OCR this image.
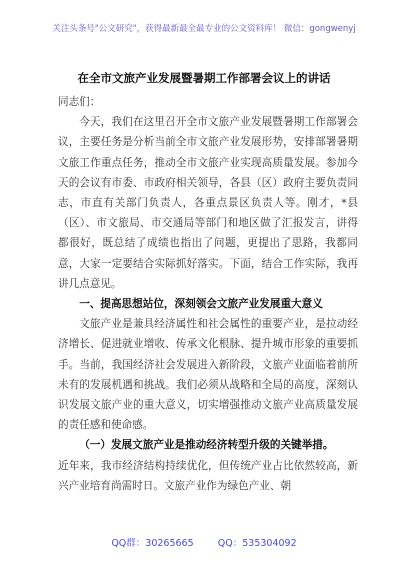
关注头条号"公文研究"，获得最新最全最专业的公文资料库！ 微信：gongwenyj
在全市文旅产业发展暨暑期工作部署会议上的讲话

同志们：

今天，我们在这里召开全市文旅产业发展暨暑期工作部署会议，主要任务是分析当前全市文旅产业发展形势，安排部署暑期文旅工作重点任务，推动全市文旅产业实现高质量发展。参加今天的会议有市委、市政府相关领导，各县（区）政府主要负责同志，市直有关部门负责人，各重点景区负责人等。刚才，*县（区）、市文旅局、市交通局等部门和地区做了汇报发言，讲得都很好，既总结了成绩也指出了问题，更提出了思路，我都同意，大家一定要结合实际抓好落实。下面，结合工作实际，我再讲几点意见。

一、提高思想站位，深刻领会文旅产业发展重大意义

文旅产业是兼具经济属性和社会属性的重要产业，是拉动经济增长、促进就业增收、传承文化根脉、提升城市形象的重要抓手。当前，我国经济社会发展进入新阶段，文旅产业面临着前所未有的发展机遇和挑战。我们必须从战略和全局的高度，深刻认识发展文旅产业的重大意义，切实增强推动文旅产业高质量发展的责任感和使命感。

（一）发展文旅产业是推动经济转型升级的关键举措。

近年来，我市经济结构持续优化，但传统产业占比依然较高，新兴产业培育尚需时日。文旅产业作为绿色产业、朝

QQ群：30265665        QQ：535304092
